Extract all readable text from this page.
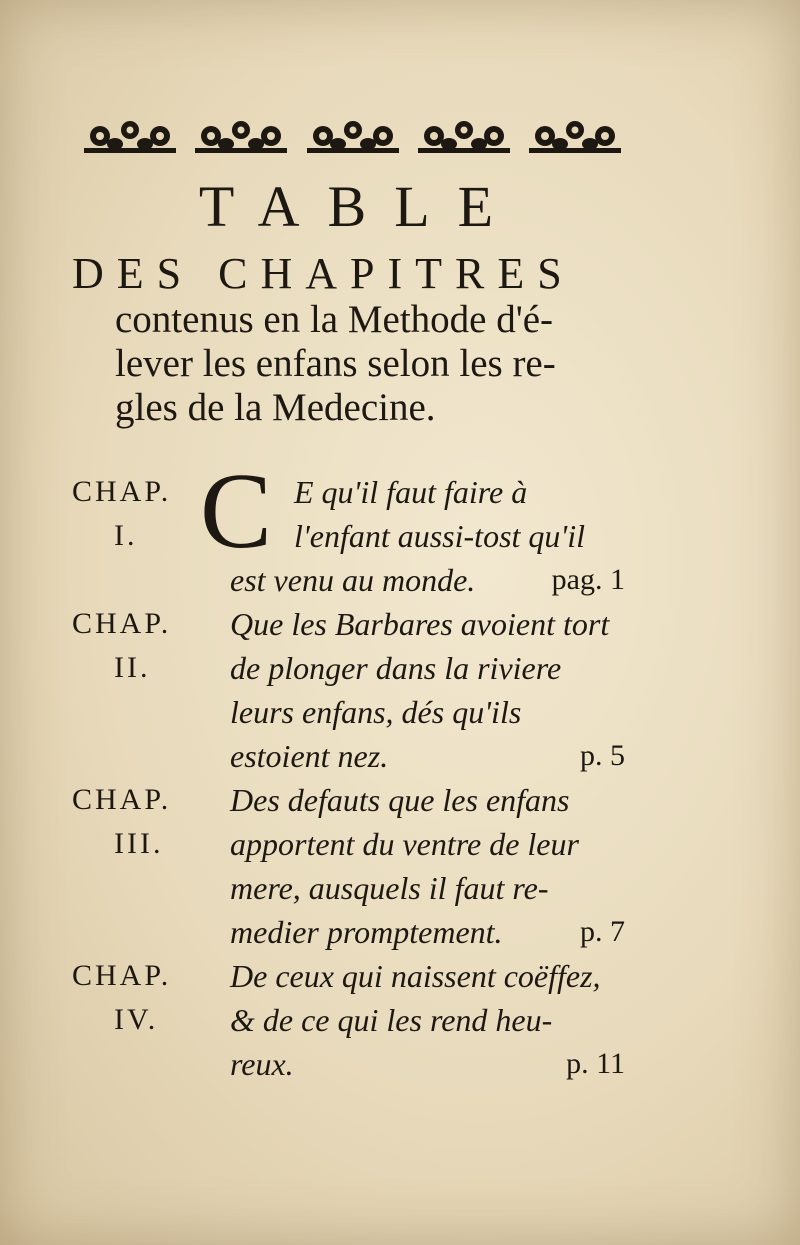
TABLE
DES CHAPITRES
contenus en la Methode d'é-
lever les enfans selon les re-
gles de la Medecine.
CHAP.
I. C E qu'il faut faire à
l'enfant aussi-tost qu'il
est venu au monde.	pag. 1
CHAP.
II.
Que les Barbares avoient tort
de plonger dans la riviere
leurs enfans, dés qu'ils
estoient nez.	p. 5
CHAP.
III.
Des defauts que les enfans
apportent du ventre de leur
mere, ausquels il faut re-
medier promptement.	p. 7
CHAP.
IV.
De ceux qui naissent coëffez,
& de ce qui les rend heu-
reux.	p. 11
